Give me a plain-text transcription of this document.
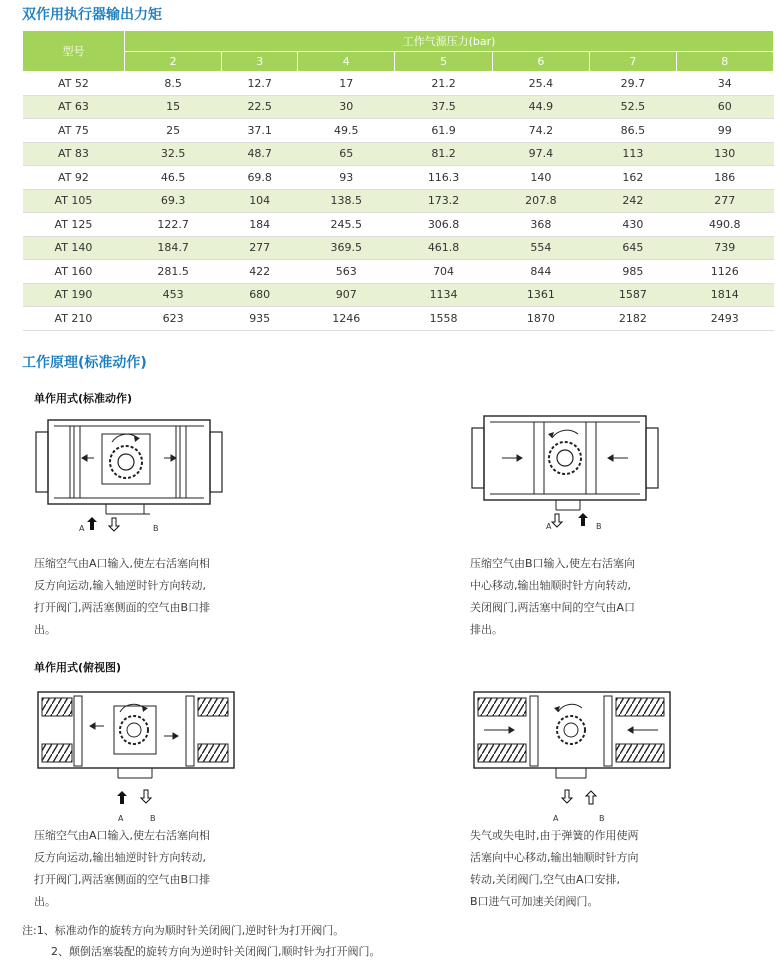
双作用执行器输出力矩
型号	工作气源压力(bar)						
	2	3	4	5	6	7	8
AT 52	8.5	12.7	17	21.2	25.4	29.7	34
AT 63	15	22.5	30	37.5	44.9	52.5	60
AT 75	25	37.1	49.5	61.9	74.2	86.5	99
AT 83	32.5	48.7	65	81.2	97.4	113	130
AT 92	46.5	69.8	93	116.3	140	162	186
AT 105	69.3	104	138.5	173.2	207.8	242	277
AT 125	122.7	184	245.5	306.8	368	430	490.8
AT 140	184.7	277	369.5	461.8	554	645	739
AT 160	281.5	422	563	704	844	985	1126
AT 190	453	680	907	1134	1361	1587	1814
AT 210	623	935	1246	1558	1870	2182	2493
工作原理(标准动作)
单作用式(标准动作)
A	B	A	B
压缩空气由A口输入,使左右活塞向相
反方向运动,输入轴逆时针方向转动,
打开阀门,两活塞侧面的空气由B口排
出。
压缩空气由B口输入,使左右活塞向
中心移动,输出轴顺时针方向转动,
关闭阀门,两活塞中间的空气由A口
排出。
单作用式(俯视图)
A	B	A	B
压缩空气由A口输入,使左右活塞向相
反方向运动,输出轴逆时针方向转动,
打开阀门,两活塞侧面的空气由B口排
出。
失气或失电时,由于弹簧的作用使两
活塞向中心移动,输出轴顺时针方向
转动,关闭阀门,空气由A口安排,
B口进气可加速关闭阀门。
注:1、标准动作的旋转方向为顺时针关闭阀门,逆时针为打开阀门。
2、颠倒活塞装配的旋转方向为逆时针关闭阀门,顺时针为打开阀门。
